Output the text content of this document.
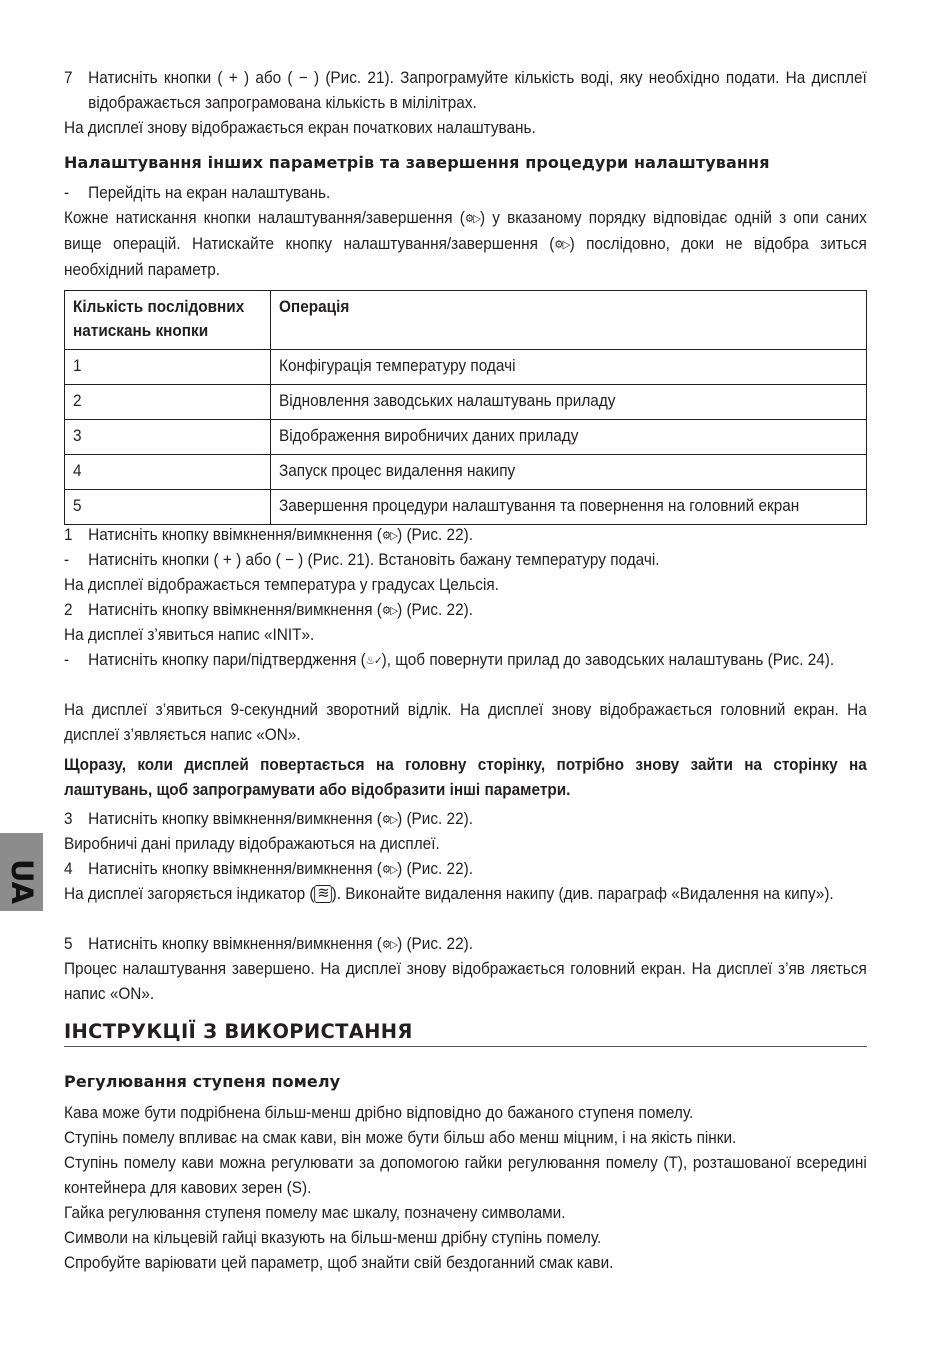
UA
7 Натисніть кнопки ( + ) або ( − ) (Рис. 21). Запрограмуйте кількість воді, яку необхідно подати. На дисплеї відображається запрограмована кількість в мілілітрах.

На дисплеї знову відображається екран початкових налаштувань.

Налаштування інших параметрів та завершення процедури налаштування
-	Перейдіть на екран налаштувань.

Кожне натискання кнопки налаштування/завершення (⚙▷) у вказаному порядку відповідає одній з опи саних вище операцій. Натискайте кнопку налаштування/завершення (⚙▷) послідовно, доки не відобра зиться необхідний параметр.

Кількість послідовних
натискань кнопки	Операція
1	Конфігурація температуру подачі
2	Відновлення заводських налаштувань приладу
3	Відображення виробничих даних приладу
4	Запуск процес видалення накипу
5	Завершення процедури налаштування та повернення на головний екран
1 Натисніть кнопку ввімкнення/вимкнення (⚙▷) (Рис. 22).
-	Натисніть кнопки ( + ) або ( − ) (Рис. 21). Встановіть бажану температуру подачі.

На дисплеї відображається температура у градусах Цельсія.

2 Натисніть кнопку ввімкнення/вимкнення (⚙▷) (Рис. 22).

На дисплеї з’явиться напис «INIT».

-	Натисніть кнопку пари/підтвердження (♨✓), щоб повернути прилад до заводських налаштувань (Рис. 24).

На дисплеї з’явиться 9-секундний зворотний відлік. На дисплеї знову відображається головний екран. На дисплеї з’являється напис «ON».

Щоразу, коли дисплей повертається на головну сторінку, потрібно знову зайти на сторінку на лаштувань, щоб запрограмувати або відобразити інші параметри.

3 Натисніть кнопку ввімкнення/вимкнення (⚙▷) (Рис. 22).

Виробничі дані приладу відображаються на дисплеї.

4 Натисніть кнопку ввімкнення/вимкнення (⚙▷) (Рис. 22).

На дисплеї загоряється індикатор ( ≋ ). Виконайте видалення накипу (див. параграф «Видалення на кипу»).

5 Натисніть кнопку ввімкнення/вимкнення (⚙▷) (Рис. 22).

Процес налаштування завершено. На дисплеї знову відображається головний екран. На дисплеї з’яв ляється напис «ON».

ІНСТРУКЦІЇ З ВИКОРИСТАННЯ
Регулювання ступеня помелу

Кава може бути подрібнена більш-менш дрібно відповідно до бажаного ступеня помелу.

Ступінь помелу впливає на смак кави, він може бути більш або менш міцним, і на якість пінки.

Ступінь помелу кави можна регулювати за допомогою гайки регулювання помелу (T), розташованої всередині контейнера для кавових зерен (S).

Гайка регулювання ступеня помелу має шкалу, позначену символами.

Символи на кільцевій гайці вказують на більш-менш дрібну ступінь помелу.

Спробуйте варіювати цей параметр, щоб знайти свій бездоганний смак кави.
